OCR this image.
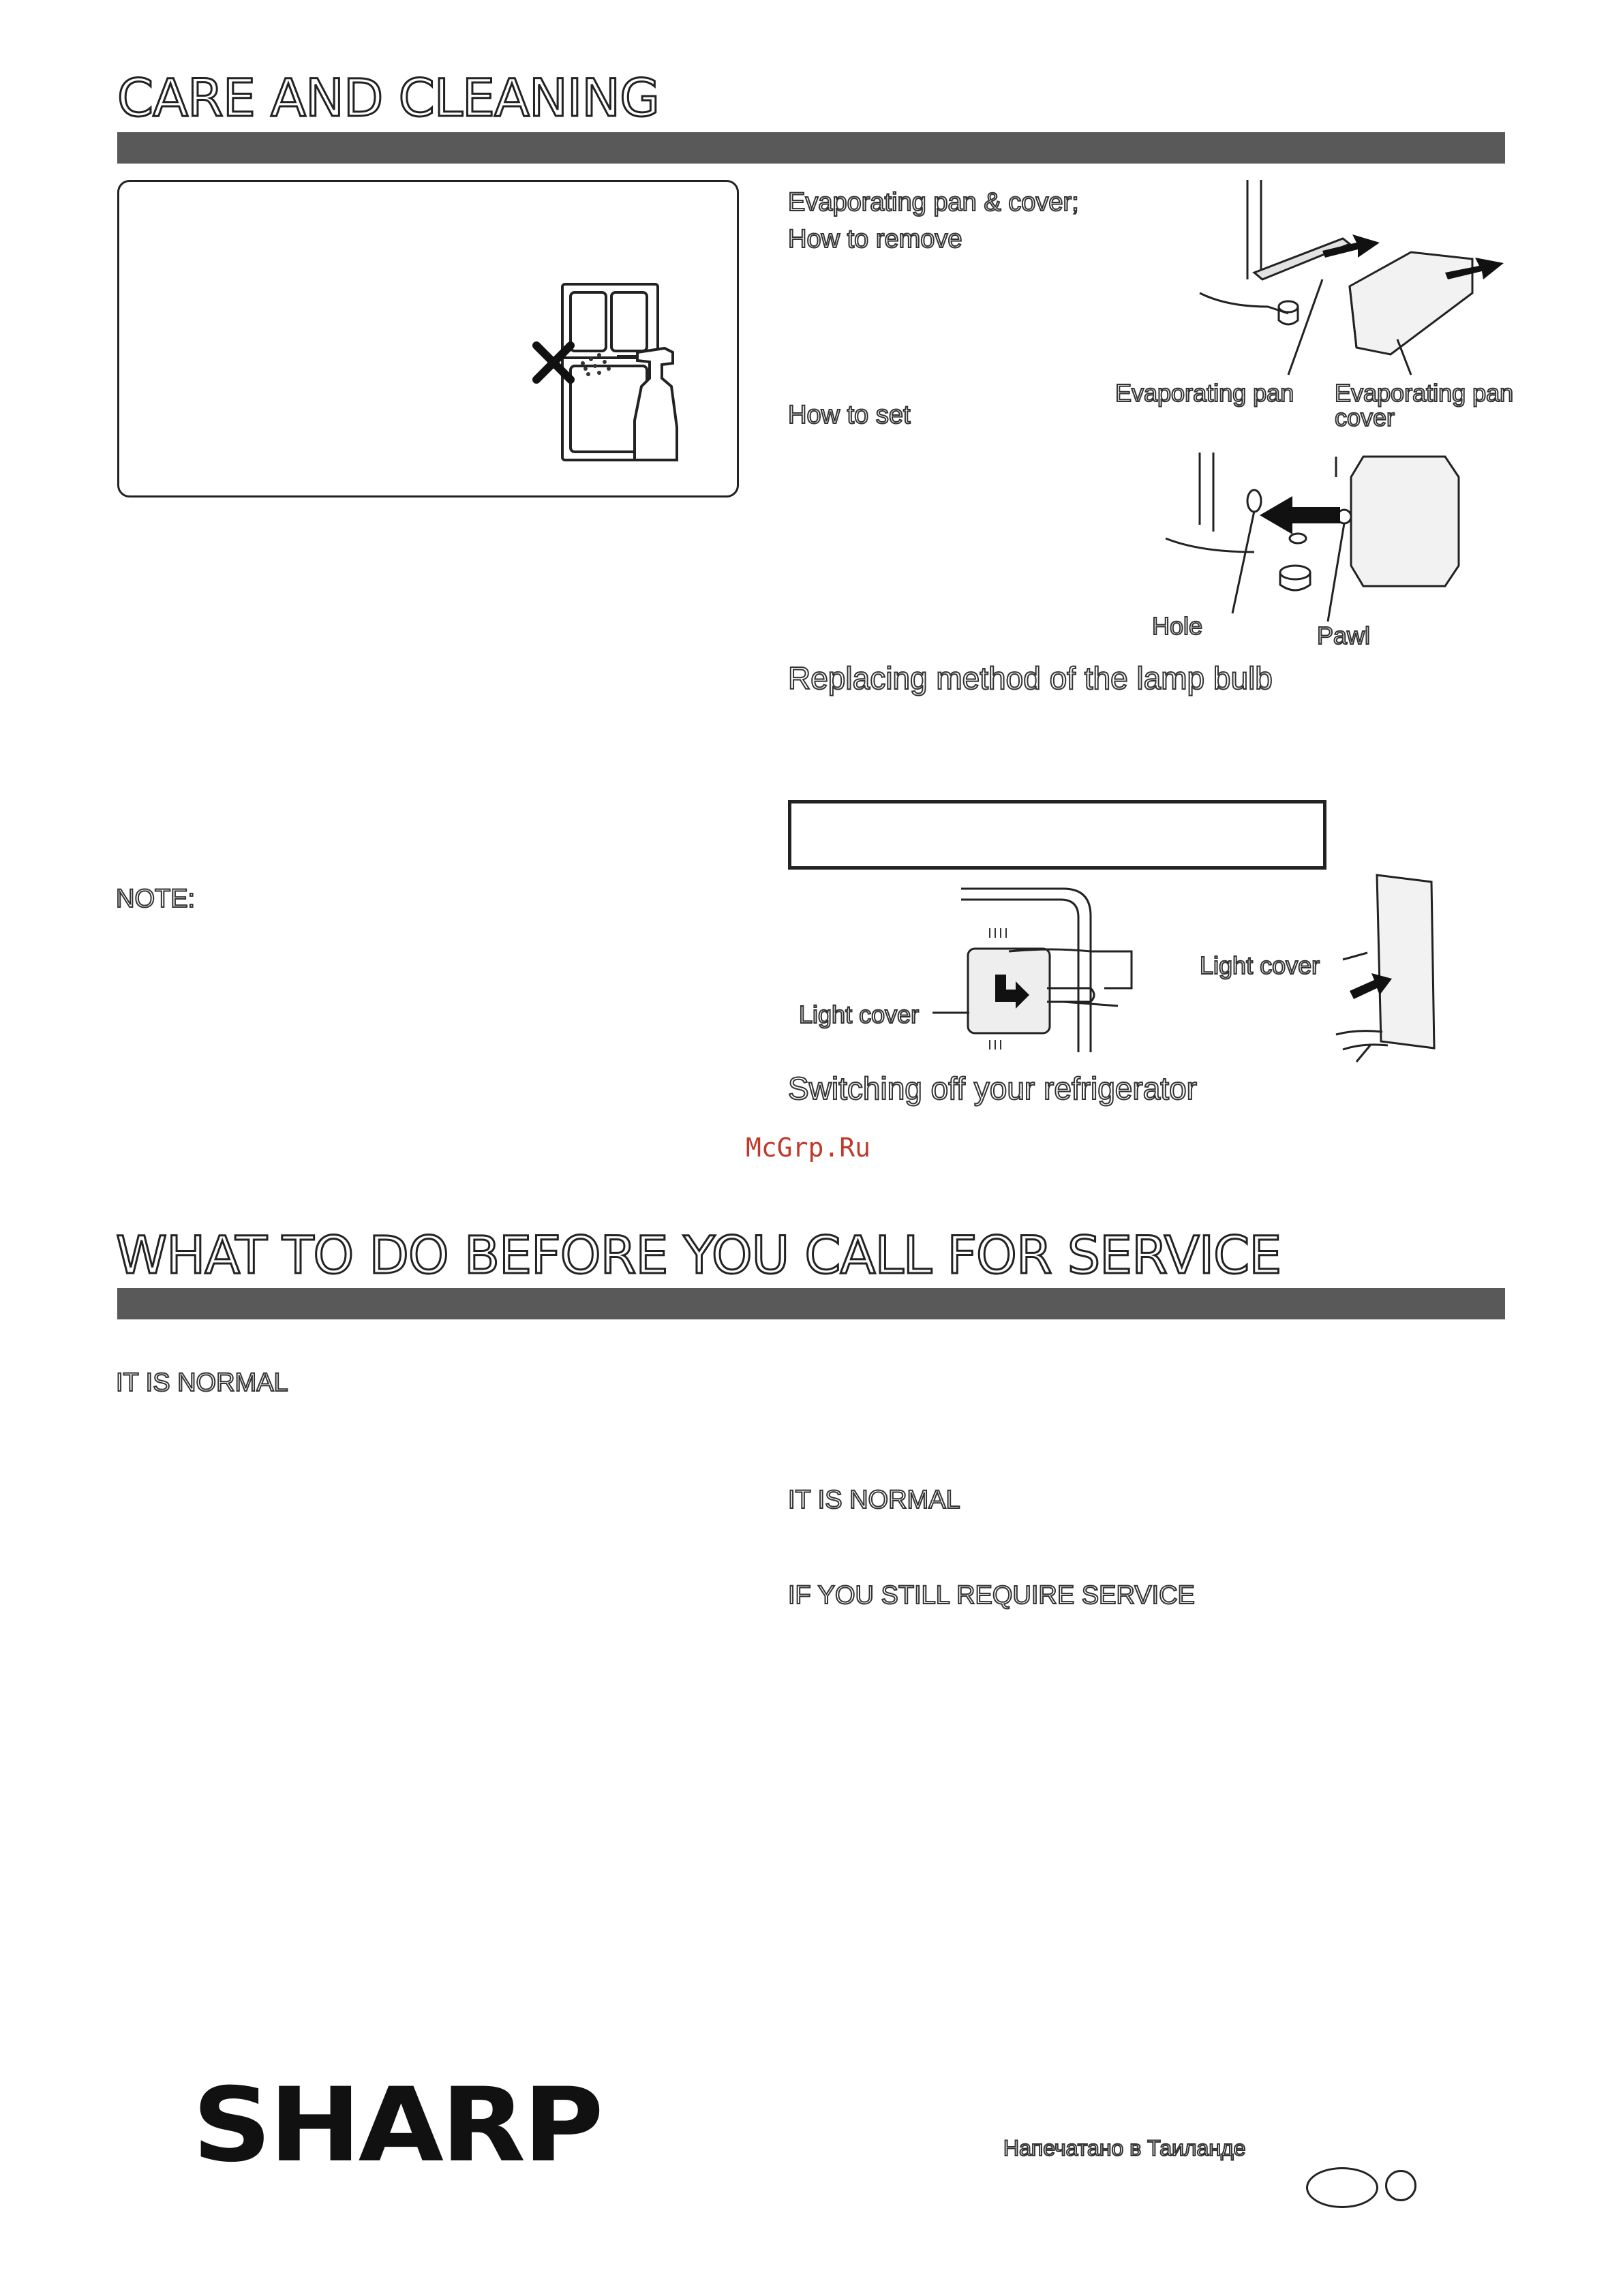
CARE AND CLEANING
Evaporating pan & cover;
How to remove
Evaporating pan Evaporating pan
cover
How to set
Hole	Pawl
Replacing method of the lamp bulb
NOTE:
Light cover
Light cover
Switching off your refrigerator
McGrp.Ru
WHAT TO DO BEFORE YOU CALL FOR SERVICE
IT IS NORMAL
IT IS NORMAL
IF YOU STILL REQUIRE SERVICE
SHARP	Напечатано в Таиланде
